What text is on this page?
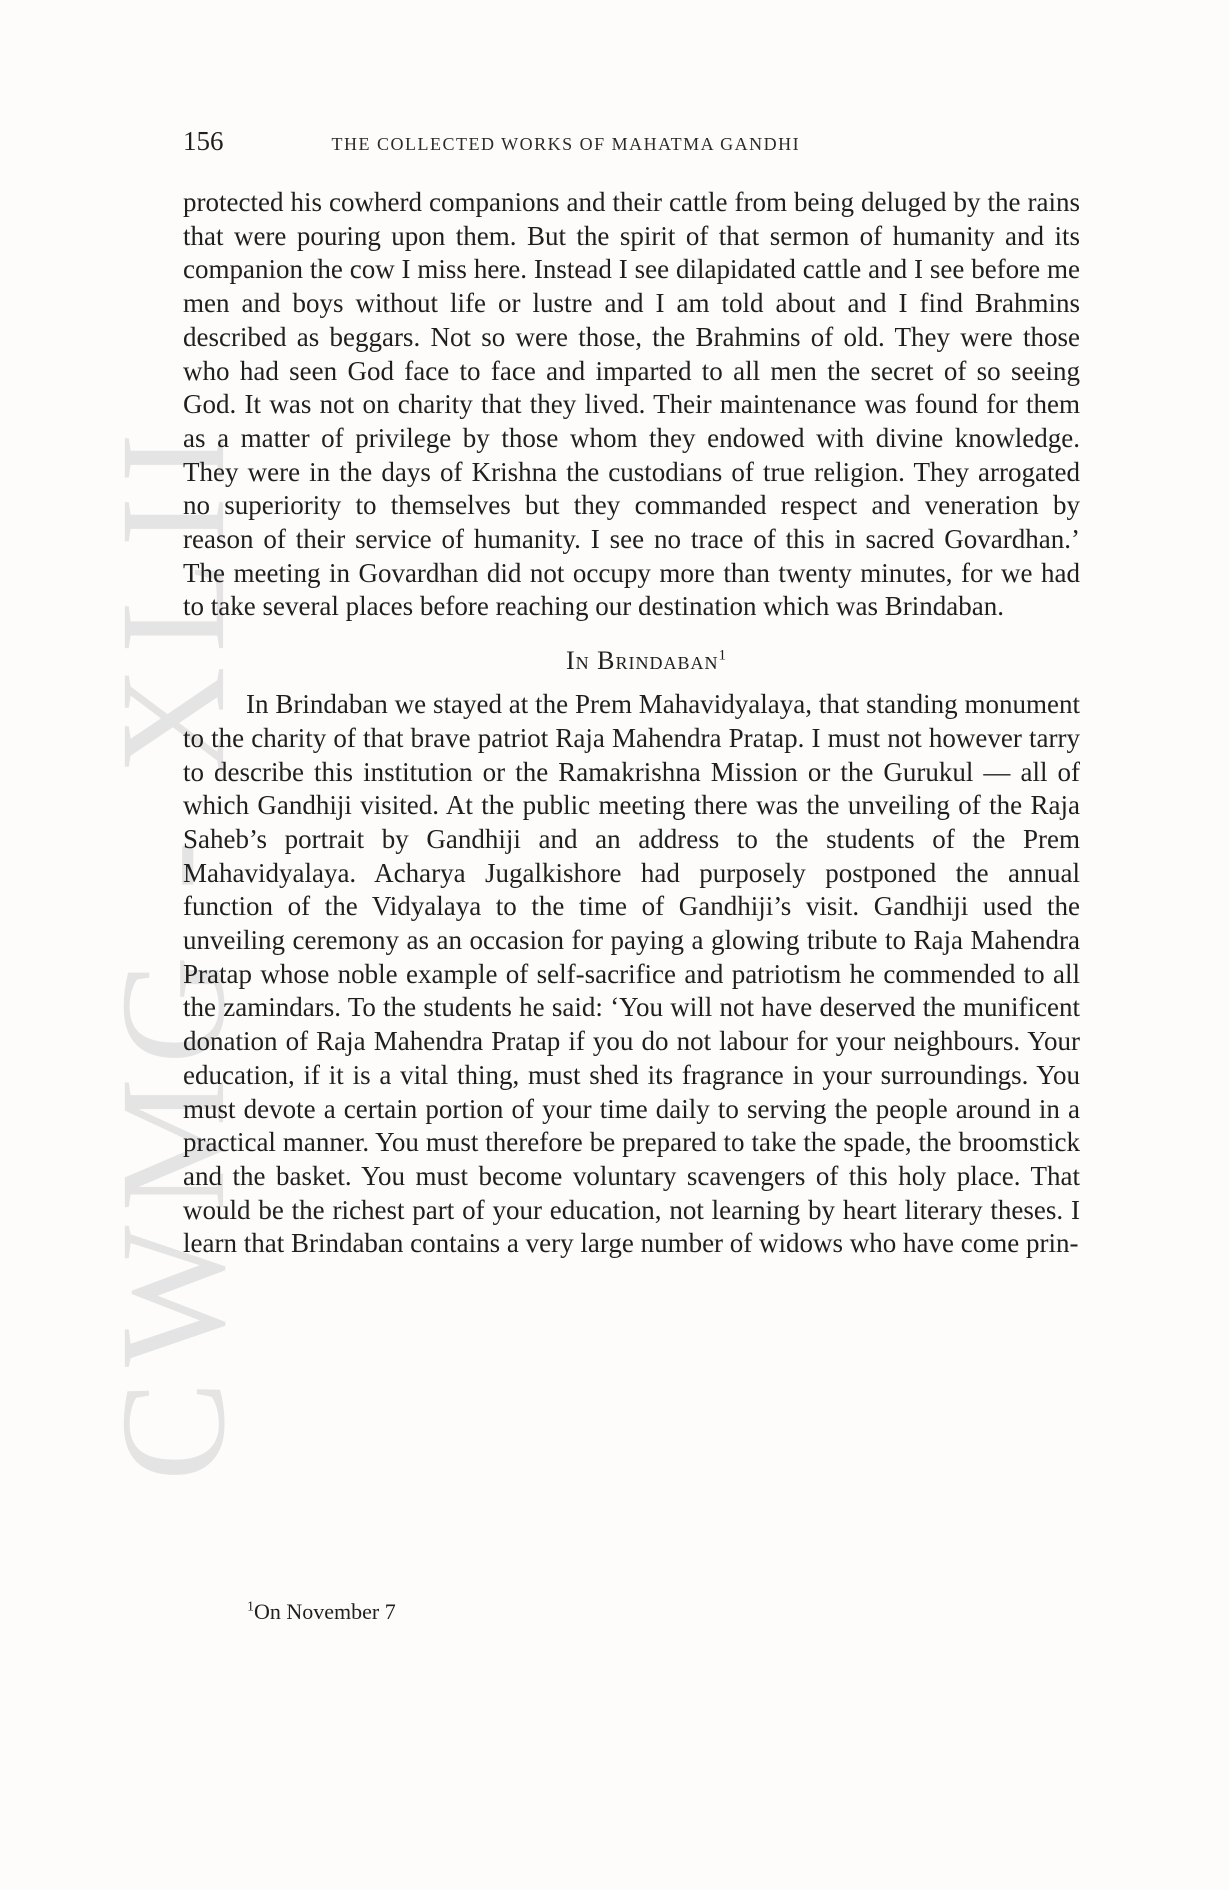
CWMG - XLII
156	THE COLLECTED WORKS OF MAHATMA GANDHI

protected his cowherd companions and their cattle from being deluged by the rains that were pouring upon them. But the spirit of that sermon of humanity and its companion the cow I miss here. Instead I see dilapidated cattle and I see before me men and boys without life or lustre and I am told about and I find Brahmins described as beggars. Not so were those, the Brahmins of old. They were those who had seen God face to face and imparted to all men the secret of so seeing God. It was not on charity that they lived. Their maintenance was found for them as a matter of privilege by those whom they endowed with divine knowledge. They were in the days of Krishna the custodians of true religion. They arrogated no superiority to themselves but they commanded respect and veneration by reason of their service of humanity. I see no trace of this in sacred Govardhan.’ The meeting in Govardhan did not occupy more than twenty minutes, for we had to take several places before reaching our destination which was Brindaban.

In Brindaban$^1$

In Brindaban we stayed at the Prem Mahavidyalaya, that standing monument to the charity of that brave patriot Raja Mahendra Pratap. I must not however tarry to describe this institution or the Ramakrishna Mission or the Gurukul — all of which Gandhiji visited. At the public meeting there was the unveiling of the Raja Saheb’s portrait by Gandhiji and an address to the students of the Prem Mahavidyalaya. Acharya Jugalkishore had purposely postponed the annual function of the Vidyalaya to the time of Gandhiji’s visit. Gandhiji used the unveiling ceremony as an occasion for paying a glowing tribute to Raja Mahendra Pratap whose noble example of self-sacrifice and patriotism he commended to all the zamindars. To the students he said: ‘You will not have deserved the munificent donation of Raja Mahendra Pratap if you do not labour for your neighbours. Your education, if it is a vital thing, must shed its fragrance in your surroundings. You must devote a certain portion of your time daily to serving the people around in a practical manner. You must therefore be prepared to take the spade, the broomstick and the basket. You must become voluntary scavengers of this holy place. That would be the richest part of your education, not learning by heart literary theses. I learn that Brindaban contains a very large number of widows who have come prin-

$^1$On November 7
